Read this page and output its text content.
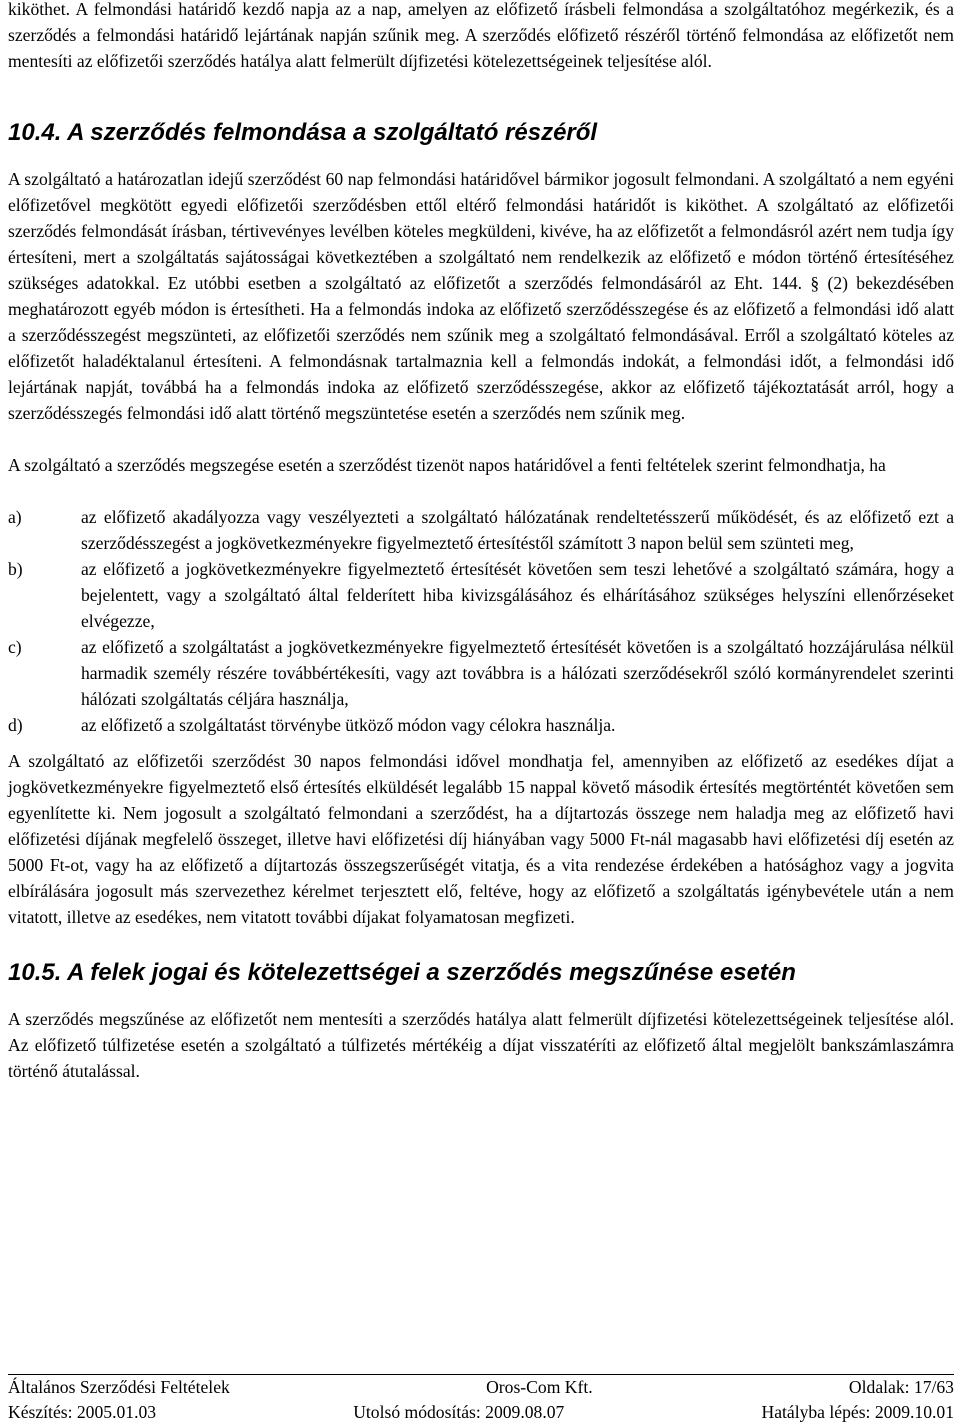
kiköthet. A felmondási határidő kezdő napja az a nap, amelyen az előfizető írásbeli felmondása a szolgáltatóhoz megérkezik, és a szerződés a felmondási határidő lejártának napján szűnik meg. A szerződés előfizető részéről történő felmondása az előfizetőt nem mentesíti az előfizetői szerződés hatálya alatt felmerült díjfizetési kötelezettségeinek teljesítése alól.

10.4. A szerződés felmondása a szolgáltató részéről

A szolgáltató a határozatlan idejű szerződést 60 nap felmondási határidővel bármikor jogosult felmondani. A szolgáltató a nem egyéni előfizetővel megkötött egyedi előfizetői szerződésben ettől eltérő felmondási határidőt is kiköthet. A szolgáltató az előfizetői szerződés felmondását írásban, tértivevényes levélben köteles megküldeni, kivéve, ha az előfizetőt a felmondásról azért nem tudja így értesíteni, mert a szolgáltatás sajátosságai következtében a szolgáltató nem rendelkezik az előfizető e módon történő értesítéséhez szükséges adatokkal. Ez utóbbi esetben a szolgáltató az előfizetőt a szerződés felmondásáról az Eht. 144. § (2) bekezdésében meghatározott egyéb módon is értesítheti. Ha a felmondás indoka az előfizető szerződésszegése és az előfizető a felmondási idő alatt a szerződésszegést megszünteti, az előfizetői szerződés nem szűnik meg a szolgáltató felmondásával. Erről a szolgáltató köteles az előfizetőt haladéktalanul értesíteni. A felmondásnak tartalmaznia kell a felmondás indokát, a felmondási időt, a felmondási idő lejártának napját, továbbá ha a felmondás indoka az előfizető szerződésszegése, akkor az előfizető tájékoztatását arról, hogy a szerződésszegés felmondási idő alatt történő megszüntetése esetén a szerződés nem szűnik meg.

A szolgáltató a szerződés megszegése esetén a szerződést tizenöt napos határidővel a fenti feltételek szerint felmondhatja, ha

a)	az előfizető akadályozza vagy veszélyezteti a szolgáltató hálózatának rendeltetésszerű működését, és az előfizető ezt a szerződésszegést a jogkövetkezményekre figyelmeztető értesítéstől számított 3 napon belül sem szünteti meg,
b)	az előfizető a jogkövetkezményekre figyelmeztető értesítését követően sem teszi lehetővé a szolgáltató számára, hogy a bejelentett, vagy a szolgáltató által felderített hiba kivizsgálásához és elhárításához szükséges helyszíni ellenőrzéseket elvégezze,
c)	az előfizető a szolgáltatást a jogkövetkezményekre figyelmeztető értesítését követően is a szolgáltató hozzájárulása nélkül harmadik személy részére továbbértékesíti, vagy azt továbbra is a hálózati szerződésekről szóló kormányrendelet szerinti hálózati szolgáltatás céljára használja,
d)	az előfizető a szolgáltatást törvénybe ütköző módon vagy célokra használja.

A szolgáltató az előfizetői szerződést 30 napos felmondási idővel mondhatja fel, amennyiben az előfizető az esedékes díjat a jogkövetkezményekre figyelmeztető első értesítés elküldését legalább 15 nappal követő második értesítés megtörténtét követően sem egyenlítette ki. Nem jogosult a szolgáltató felmondani a szerződést, ha a díjtartozás összege nem haladja meg az előfizető havi előfizetési díjának megfelelő összeget, illetve havi előfizetési díj hiányában vagy 5000 Ft-nál magasabb havi előfizetési díj esetén az 5000 Ft-ot, vagy ha az előfizető a díjtartozás összegszerűségét vitatja, és a vita rendezése érdekében a hatósághoz vagy a jogvita elbírálására jogosult más szervezethez kérelmet terjesztett elő, feltéve, hogy az előfizető a szolgáltatás igénybevétele után a nem vitatott, illetve az esedékes, nem vitatott további díjakat folyamatosan megfizeti.

10.5. A felek jogai és kötelezettségei a szerződés megszűnése esetén

A szerződés megszűnése az előfizetőt nem mentesíti a szerződés hatálya alatt felmerült díjfizetési kötelezettségeinek teljesítése alól. Az előfizető túlfizetése esetén a szolgáltató a túlfizetés mértékéig a díjat visszatéríti az előfizető által megjelölt bankszámlaszámra történő átutalással.

Általános Szerződési Feltételek	Oros-Com Kft.	Oldalak: 17/63
Készítés: 2005.01.03	Utolsó módosítás: 2009.08.07	Hatályba lépés: 2009.10.01
